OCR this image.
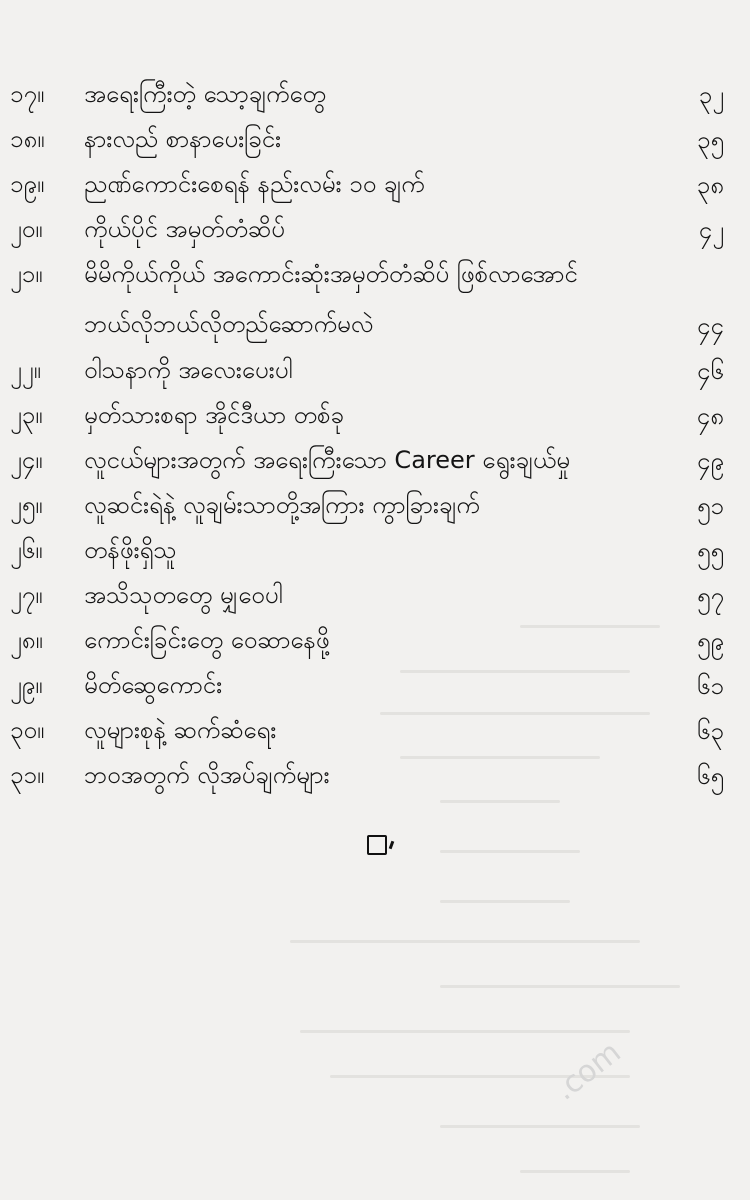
၁၇။	အရေးကြီးတဲ့ သော့ချက်တွေ	၃၂
၁၈။	နားလည် စာနာပေးခြင်း	၃၅
၁၉။	ညဏ်ကောင်းစေရန် နည်းလမ်း ၁၀ ချက်	၃၈
၂၀။	ကိုယ်ပိုင် အမှတ်တံဆိပ်	၄၂
၂၁။	မိမိကိုယ်ကိုယ် အကောင်းဆုံးအမှတ်တံဆိပ် ဖြစ်လာအောင်
ဘယ်လိုဘယ်လိုတည်ဆောက်မလဲ	၄၄
၂၂။	ဝါသနာကို အလေးပေးပါ	၄၆
၂၃။	မှတ်သားစရာ အိုင်ဒီယာ တစ်ခု	၄၈
၂၄။	လူငယ်များအတွက် အရေးကြီးသော Career ရွေးချယ်မှု	၄၉
၂၅။	လူဆင်းရဲနဲ့ လူချမ်းသာတို့အကြား ကွာခြားချက်	၅၁
၂၆။	တန်ဖိုးရှိသူ	၅၅
၂၇။	အသိသုတတွေ မျှဝေပါ	၅၇
၂၈။	ကောင်းခြင်းတွေ ဝေဆာနေဖို့	၅၉
၂၉။	မိတ်ဆွေကောင်း	၆၁
၃၀။	လူများစုနဲ့ ဆက်ဆံရေး	၆၃
၃၁။	ဘဝအတွက် လိုအပ်ချက်များ	၆၅
.com
